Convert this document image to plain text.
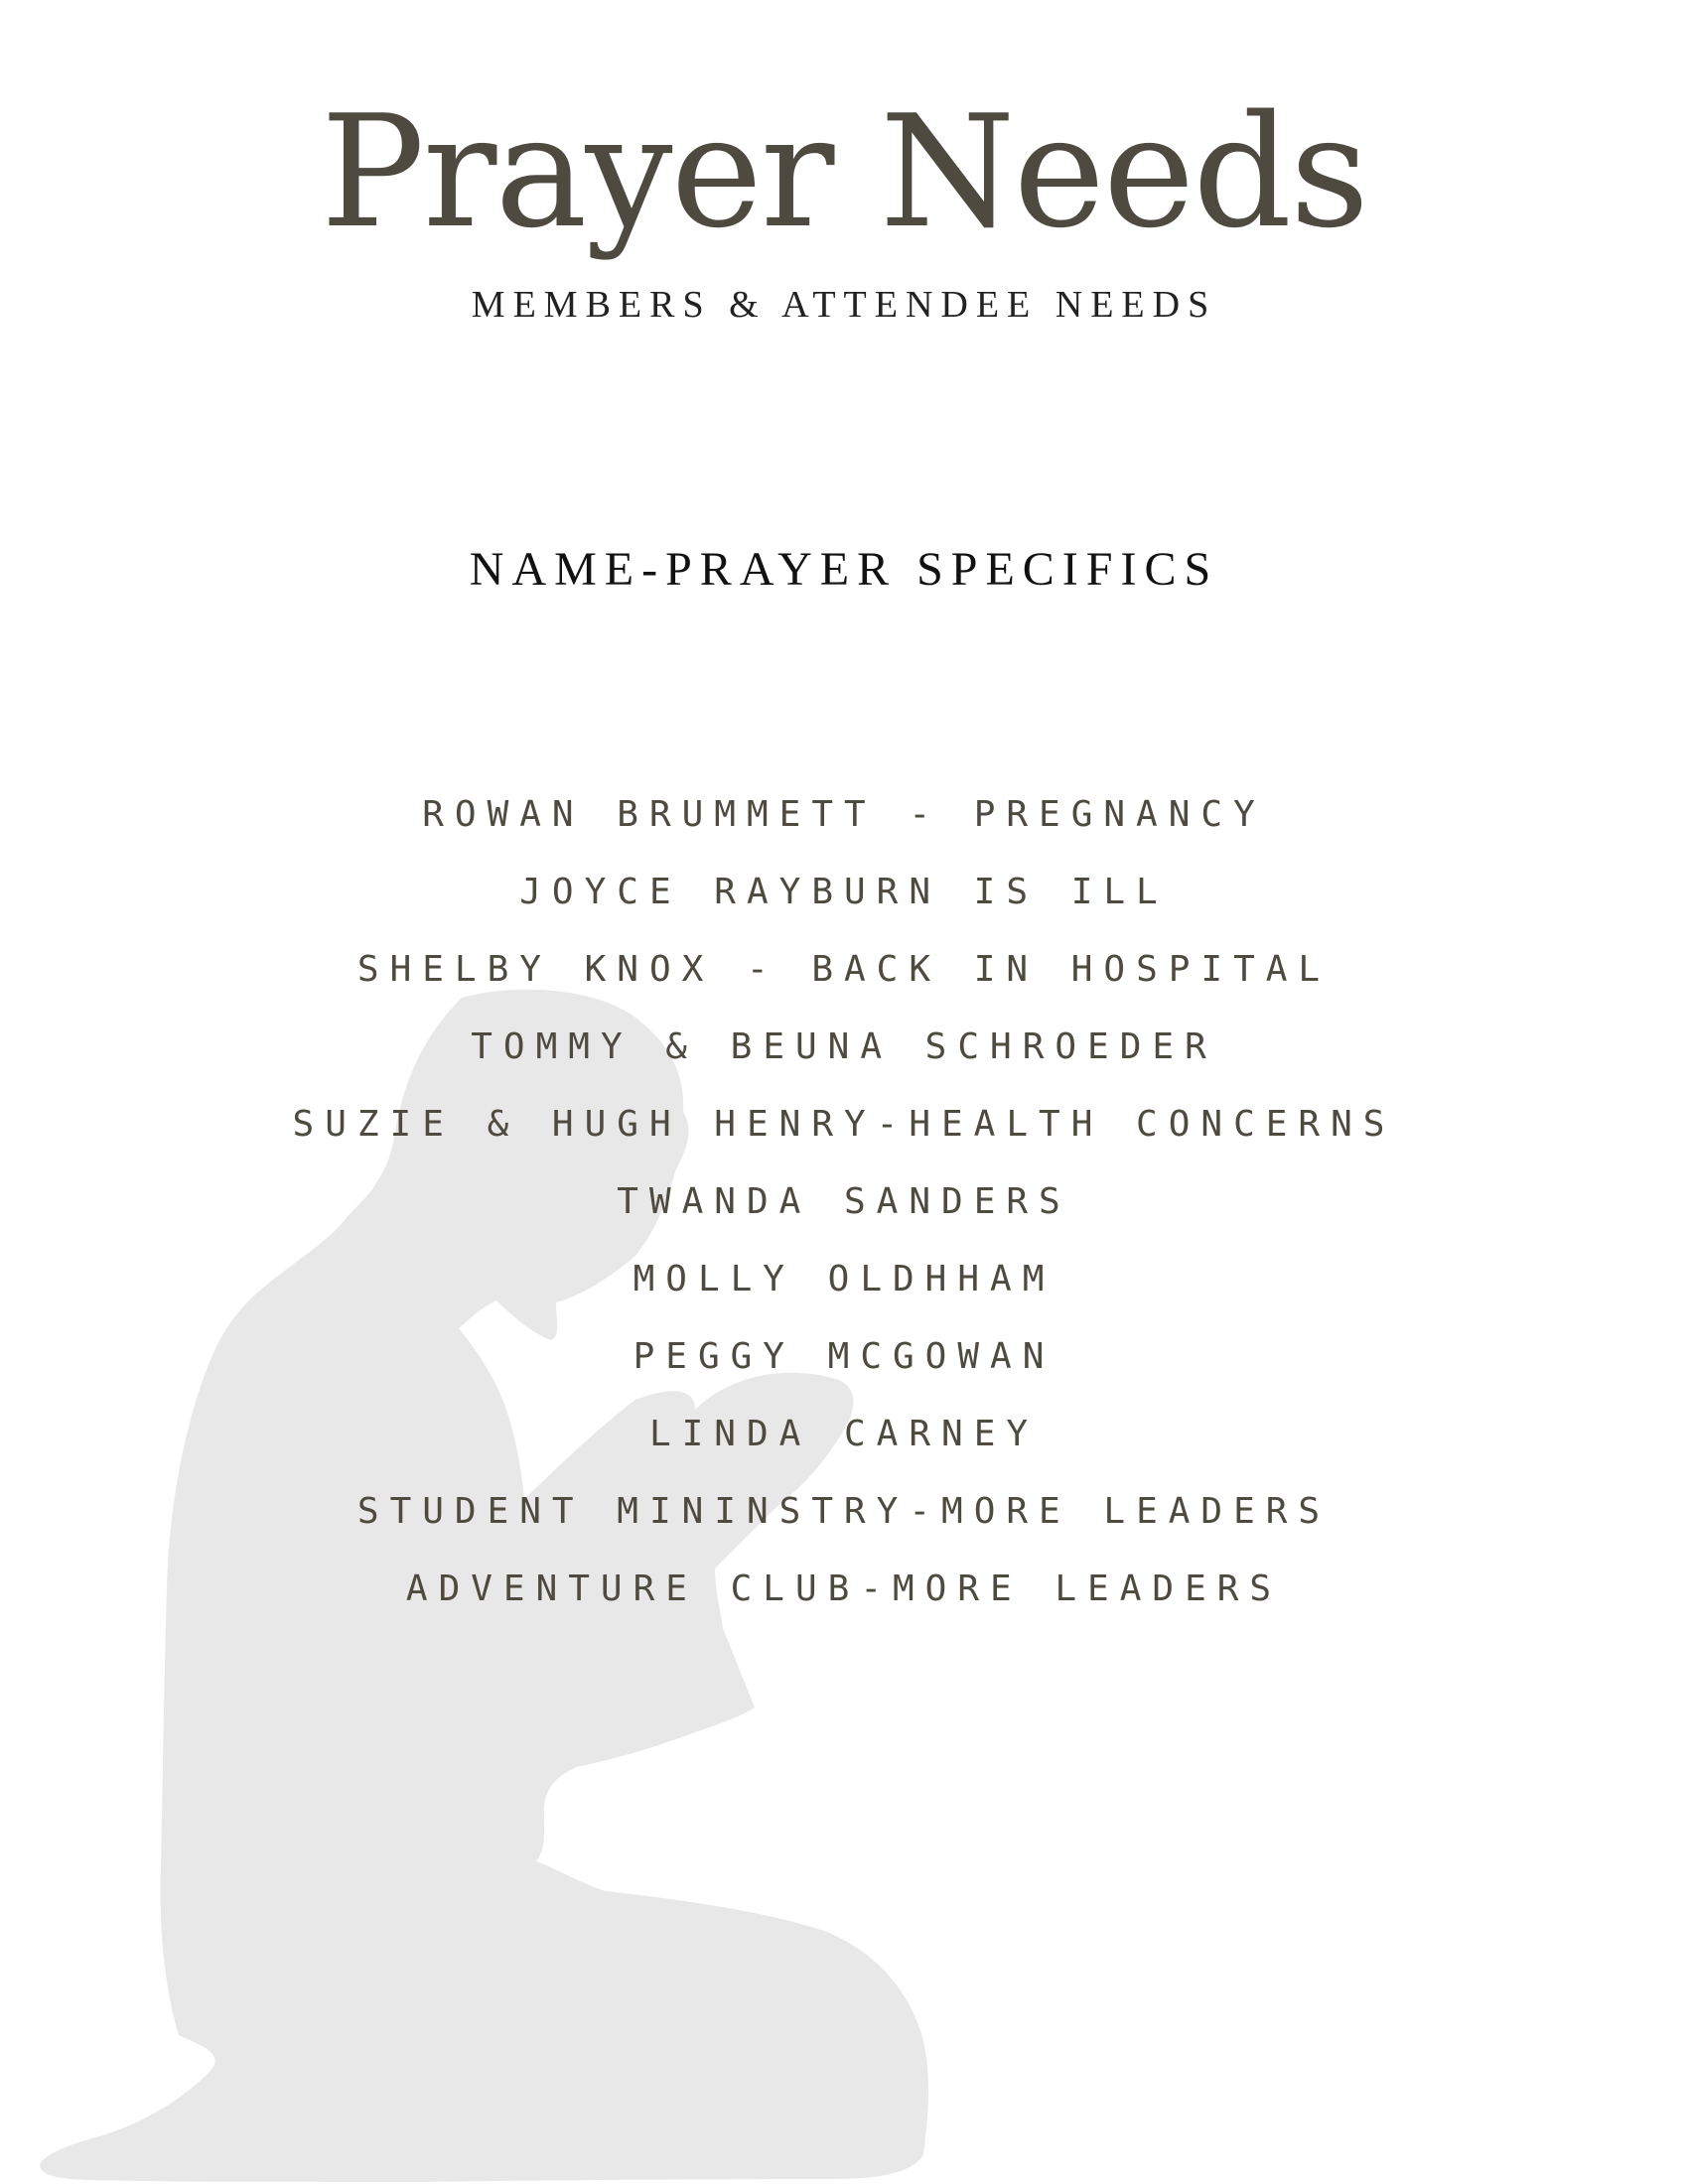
Prayer Needs
MEMBERS & ATTENDEE NEEDS
NAME-PRAYER SPECIFICS
ROWAN BRUMMETT - PREGNANCY
JOYCE RAYBURN IS ILL
SHELBY KNOX - BACK IN HOSPITAL
TOMMY & BEUNA SCHROEDER
SUZIE & HUGH HENRY-HEALTH CONCERNS
TWANDA SANDERS
MOLLY OLDHHAM
PEGGY MCGOWAN
LINDA CARNEY
STUDENT MININSTRY-MORE LEADERS
ADVENTURE CLUB-MORE LEADERS
